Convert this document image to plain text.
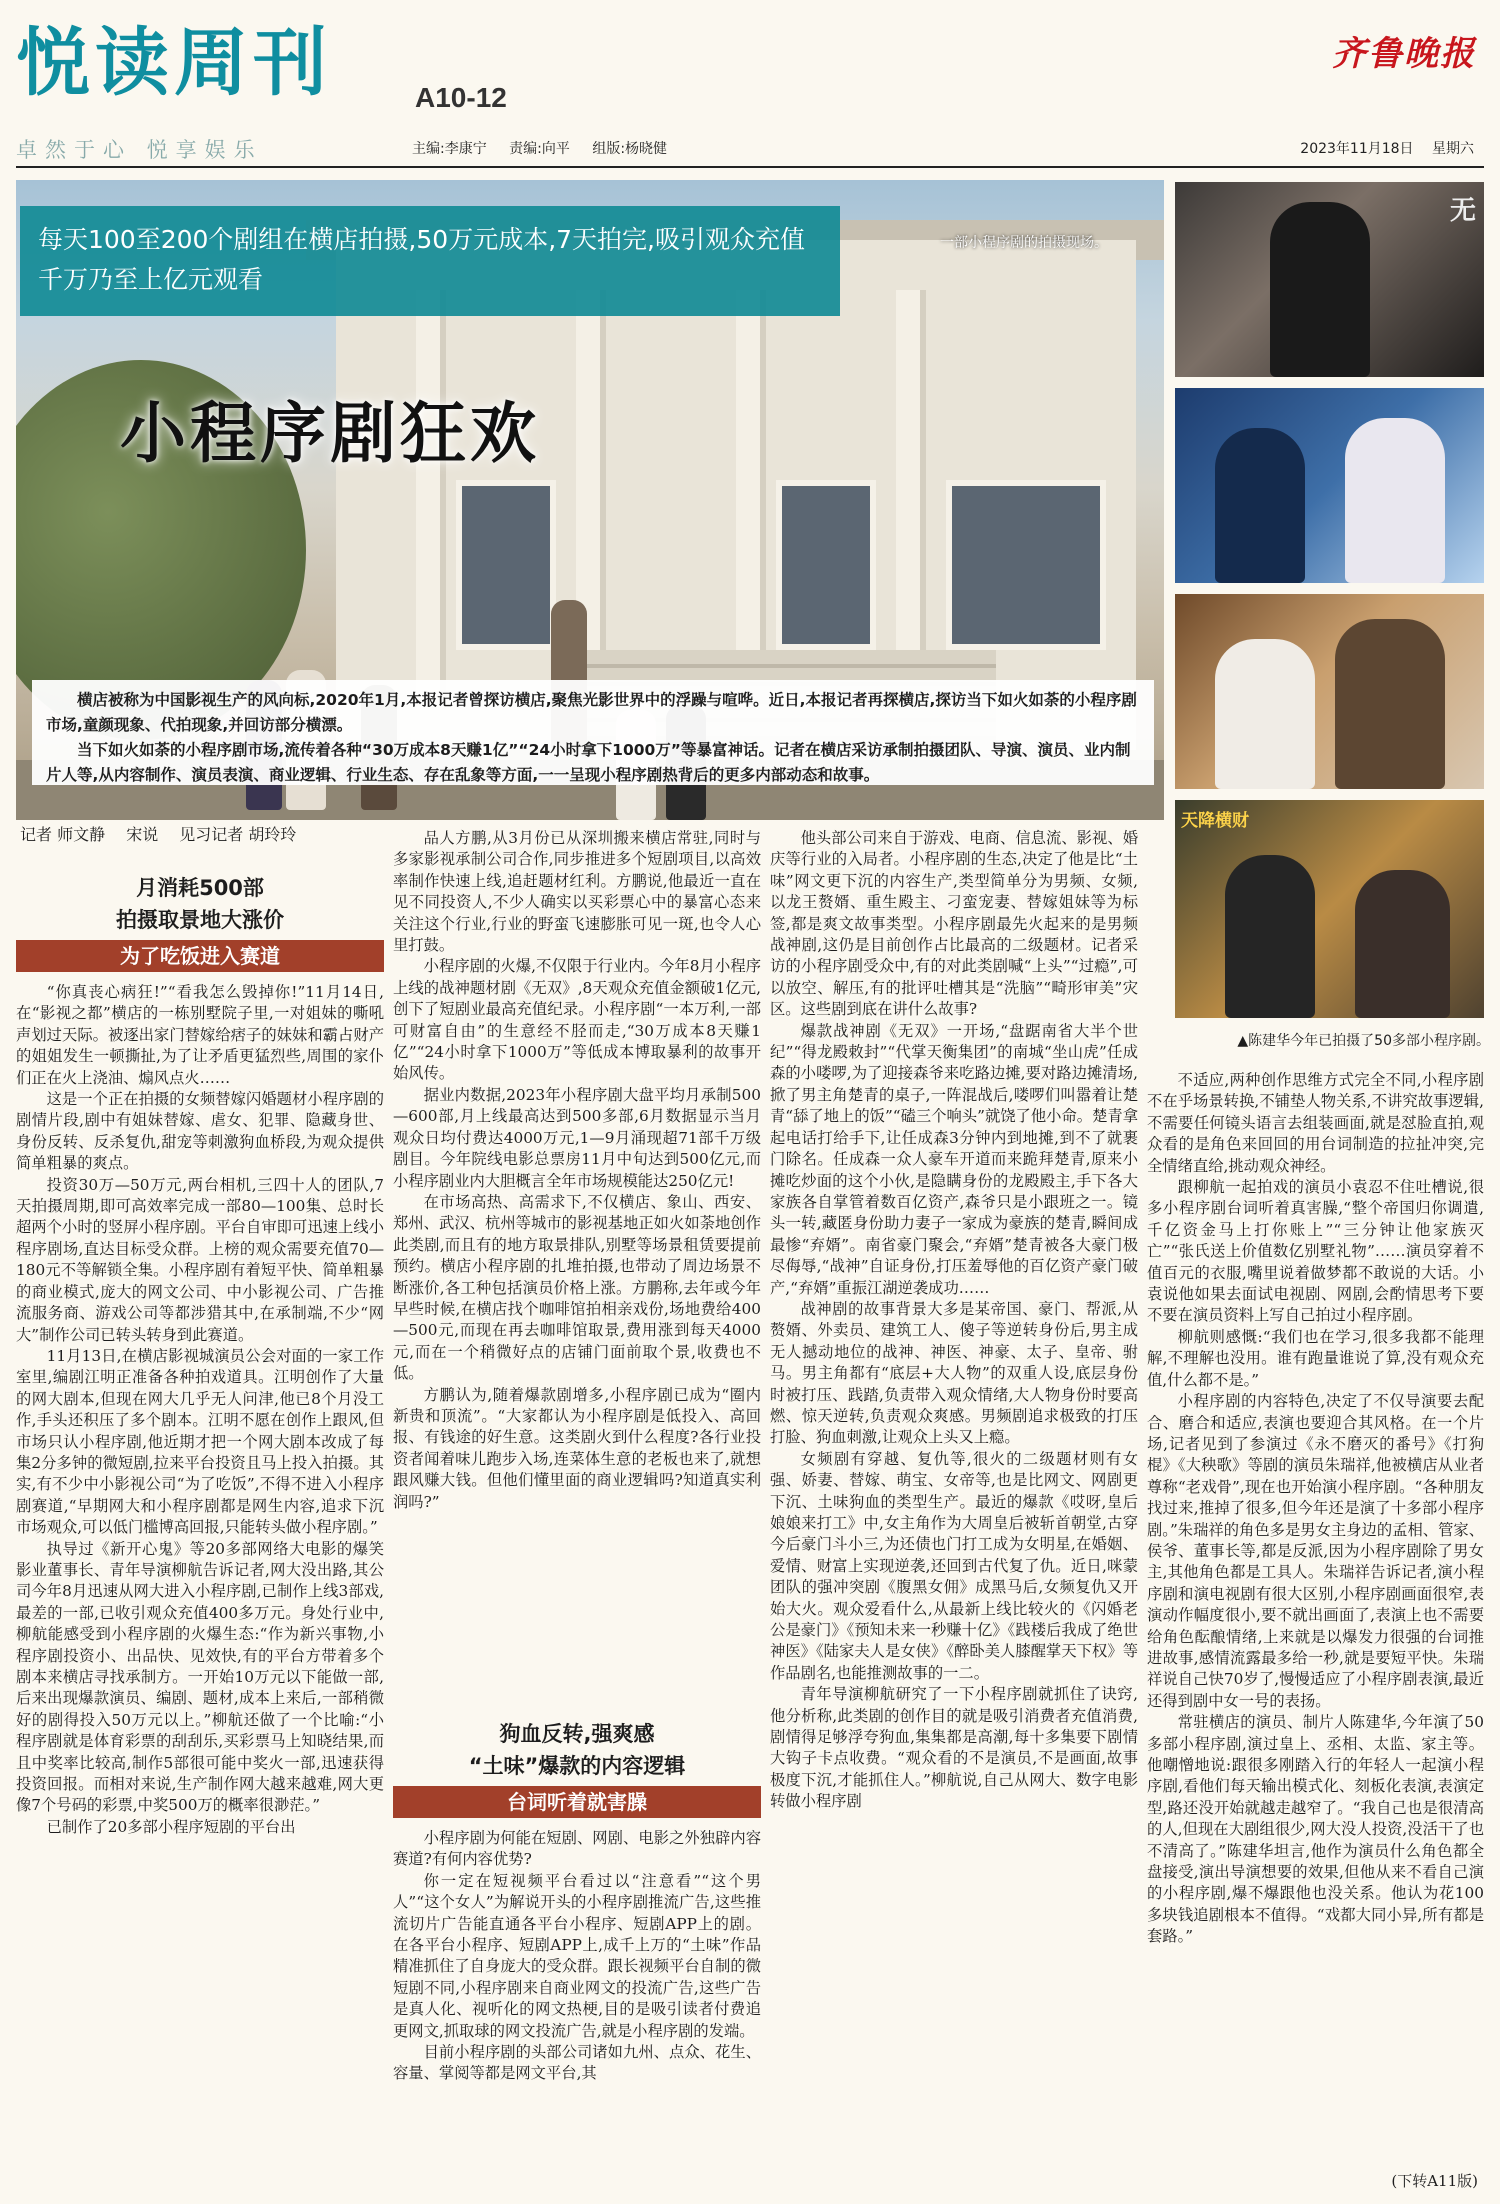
悦读周刊	A10-12
齐鲁晚报
卓然于心 悦享娱乐	主编:李康宁 责编:向平 组版:杨晓健	2023年11月18日 星期六
每天100至200个剧组在横店拍摄,50万元成本,7天拍完,吸引观众充值千万乃至上亿元观看
小程序剧狂欢
一部小程序剧的拍摄现场。

横店被称为中国影视生产的风向标,2020年1月,本报记者曾探访横店,聚焦光影世界中的浮躁与喧哗。近日,本报记者再探横店,探访当下如火如荼的小程序剧市场,童颜现象、代拍现象,并回访部分横漂。

当下如火如荼的小程序剧市场,流传着各种“30万成本8天赚1亿”“24小时拿下1000万”等暴富神话。记者在横店采访承制拍摄团队、导演、演员、业内制片人等,从内容制作、演员表演、商业逻辑、行业生态、存在乱象等方面,一一呈现小程序剧热背后的更多内部动态和故事。

无
天降横财
▲陈建华今年已拍摄了50多部小程序剧。
记者 师文静 宋说 见习记者 胡玲玲
月消耗500部
拍摄取景地大涨价
为了吃饭进入赛道

“你真丧心病狂!”“看我怎么毁掉你!”11月14日,在“影视之都”横店的一栋别墅院子里,一对姐妹的嘶吼声划过天际。被逐出家门替嫁给痞子的妹妹和霸占财产的姐姐发生一顿撕扯,为了让矛盾更猛烈些,周围的家仆们正在火上浇油、煽风点火……

这是一个正在拍摄的女频替嫁闪婚题材小程序剧的剧情片段,剧中有姐妹替嫁、虐女、犯罪、隐藏身世、身份反转、反杀复仇,甜宠等刺激狗血桥段,为观众提供简单粗暴的爽点。

投资30万—50万元,两台相机,三四十人的团队,7天拍摄周期,即可高效率完成一部80—100集、总时长超两个小时的竖屏小程序剧。平台自审即可迅速上线小程序剧场,直达目标受众群。上榜的观众需要充值70—180元不等解锁全集。小程序剧有着短平快、简单粗暴的商业模式,庞大的网文公司、中小影视公司、广告推流服务商、游戏公司等都涉猎其中,在承制端,不少“网大”制作公司已转头转身到此赛道。

11月13日,在横店影视城演员公会对面的一家工作室里,编剧江明正准备各种拍戏道具。江明创作了大量的网大剧本,但现在网大几乎无人问津,他已8个月没工作,手头还积压了多个剧本。江明不愿在创作上跟风,但市场只认小程序剧,他近期才把一个网大剧本改成了每集2分多钟的微短剧,拉来平台投资且马上投入拍摄。其实,有不少中小影视公司“为了吃饭”,不得不进入小程序剧赛道,“早期网大和小程序剧都是网生内容,追求下沉市场观众,可以低门槛博高回报,只能转头做小程序剧。”

执导过《新开心鬼》等20多部网络大电影的爆笑影业董事长、青年导演柳航告诉记者,网大没出路,其公司今年8月迅速从网大进入小程序剧,已制作上线3部戏,最差的一部,已收引观众充值400多万元。身处行业中,柳航能感受到小程序剧的火爆生态:“作为新兴事物,小程序剧投资小、出品快、见效快,有的平台方带着多个剧本来横店寻找承制方。一开始10万元以下能做一部,后来出现爆款演员、编剧、题材,成本上来后,一部稍微好的剧得投入50万元以上。”柳航还做了一个比喻:“小程序剧就是体育彩票的刮刮乐,买彩票马上知晓结果,而且中奖率比较高,制作5部很可能中奖火一部,迅速获得投资回报。而相对来说,生产制作网大越来越难,网大更像7个号码的彩票,中奖500万的概率很渺茫。”

已制作了20多部小程序短剧的平台出

品人方鹏,从3月份已从深圳搬来横店常驻,同时与多家影视承制公司合作,同步推进多个短剧项目,以高效率制作快速上线,追赶题材红利。方鹏说,他最近一直在见不同投资人,不少人确实以买彩票心中的暴富心态来关注这个行业,行业的野蛮飞速膨胀可见一斑,也令人心里打鼓。

小程序剧的火爆,不仅限于行业内。今年8月小程序上线的战神题材剧《无双》,8天观众充值金额破1亿元,创下了短剧业最高充值纪录。小程序剧“一本万利,一部可财富自由”的生意经不胫而走,“30万成本8天赚1亿”“24小时拿下1000万”等低成本博取暴利的故事开始风传。

据业内数据,2023年小程序剧大盘平均月承制500—600部,月上线最高达到500多部,6月数据显示当月观众日均付费达4000万元,1—9月涌现超71部千万级剧目。今年院线电影总票房11月中旬达到500亿元,而小程序剧业内大胆概言全年市场规模能达250亿元!

在市场高热、高需求下,不仅横店、象山、西安、郑州、武汉、杭州等城市的影视基地正如火如荼地创作此类剧,而且有的地方取景排队,别墅等场景租赁要提前预约。横店小程序剧的扎堆拍摄,也带动了周边场景不断涨价,各工种包括演员价格上涨。方鹏称,去年或今年早些时候,在横店找个咖啡馆拍相亲戏份,场地费给400—500元,而现在再去咖啡馆取景,费用涨到每天4000元,而在一个稍微好点的店铺门面前取个景,收费也不低。

方鹏认为,随着爆款剧增多,小程序剧已成为“圈内新贵和顶流”。“大家都认为小程序剧是低投入、高回报、有钱途的好生意。这类剧火到什么程度?各行业投资者闻着味儿跑步入场,连菜体生意的老板也来了,就想跟风赚大钱。但他们懂里面的商业逻辑吗?知道真实利润吗?”

狗血反转,强爽感
“土味”爆款的内容逻辑
台词听着就害臊

小程序剧为何能在短剧、网剧、电影之外独辟内容赛道?有何内容优势?

你一定在短视频平台看过以“注意看”“这个男人”“这个女人”为解说开头的小程序剧推流广告,这些推流切片广告能直通各平台小程序、短剧APP上的剧。在各平台小程序、短剧APP上,成千上万的“土味”作品精准抓住了自身庞大的受众群。跟长视频平台自制的微短剧不同,小程序剧来自商业网文的投流广告,这些广告是真人化、视听化的网文热梗,目的是吸引读者付费追更网文,抓取球的网文投流广告,就是小程序剧的发端。

目前小程序剧的头部公司诸如九州、点众、花生、容量、掌阅等都是网文平台,其

他头部公司来自于游戏、电商、信息流、影视、婚庆等行业的入局者。小程序剧的生态,决定了他是比“土味”网文更下沉的内容生产,类型简单分为男频、女频,以龙王赘婿、重生殿主、刁蛮宠妻、替嫁姐妹等为标签,都是爽文故事类型。小程序剧最先火起来的是男频战神剧,这仍是目前创作占比最高的二级题材。记者采访的小程序剧受众中,有的对此类剧喊“上头”“过瘾”,可以放空、解压,有的批评吐槽其是“洗脑”“畸形审美”灾区。这些剧到底在讲什么故事?

爆款战神剧《无双》一开场,“盘踞南省大半个世纪”“得龙殿敕封”“代掌天衡集团”的南城“坐山虎”任成森的小喽啰,为了迎接森爷来吃路边摊,要对路边摊清场,掀了男主角楚青的桌子,一阵混战后,喽啰们叫嚣着让楚青“舔了地上的饭”“磕三个响头”就饶了他小命。楚青拿起电话打给手下,让任成森3分钟内到地摊,到不了就裹门除名。任成森一众人豪车开道而来跪拜楚青,原来小摊吃炒面的这个小伙,是隐瞒身份的龙殿殿主,手下各大家族各自掌管着数百亿资产,森爷只是小跟班之一。镜头一转,藏匿身份助力妻子一家成为豪族的楚青,瞬间成最惨“弃婿”。南省豪门聚会,“弃婿”楚青被各大豪门极尽侮辱,“战神”自证身份,打压羞辱他的百亿资产豪门破产,“弃婿”重振江湖逆袭成功……

战神剧的故事背景大多是某帝国、豪门、帮派,从赘婿、外卖员、建筑工人、傻子等逆转身份后,男主成无人撼动地位的战神、神医、神豪、太子、皇帝、驸马。男主角都有“底层+大人物”的双重人设,底层身份时被打压、践踏,负责带入观众情绪,大人物身份时要高燃、惊天逆转,负责观众爽感。男频剧追求极致的打压打脸、狗血刺激,让观众上头又上瘾。

女频剧有穿越、复仇等,很火的二级题材则有女强、娇妻、替嫁、萌宝、女帝等,也是比网文、网剧更下沉、土味狗血的类型生产。最近的爆款《哎呀,皇后娘娘来打工》中,女主角作为大周皇后被斩首朝堂,古穿今后豪门斗小三,为还债也门打工成为女明星,在婚姻、爱情、财富上实现逆袭,还回到古代复了仇。近日,咪蒙团队的强冲突剧《腹黑女佣》成黑马后,女频复仇又开始大火。观众爱看什么,从最新上线比较火的《闪婚老公是豪门》《预知未来一秒赚十亿》《践楼后我成了绝世神医》《陆家夫人是女侠》《醉卧美人膝醒掌天下权》等作品剧名,也能推测故事的一二。

青年导演柳航研究了一下小程序剧就抓住了诀窍,他分析称,此类剧的创作目的就是吸引消费者充值消费,剧情得足够浮夸狗血,集集都是高潮,每十多集要下剧情大钩子卡点收费。“观众看的不是演员,不是画面,故事极度下沉,才能抓住人。”柳航说,自己从网大、数字电影转做小程序剧

不适应,两种创作思维方式完全不同,小程序剧不在乎场景转换,不铺垫人物关系,不讲究故事逻辑,不需要任何镜头语言去组装画面,就是怼脸直拍,观众看的是角色来回回的用台词制造的拉扯冲突,完全情绪直给,挑动观众神经。

跟柳航一起拍戏的演员小袁忍不住吐槽说,很多小程序剧台词听着真害臊,“整个帝国归你调遣,千亿资金马上打你账上”“三分钟让他家族灭亡”“张氏送上价值数亿别墅礼物”……演员穿着不值百元的衣服,嘴里说着做梦都不敢说的大话。小袁说他如果去面试电视剧、网剧,会酌情思考下要不要在演员资料上写自己拍过小程序剧。

柳航则感慨:“我们也在学习,很多我都不能理解,不理解也没用。谁有跑量谁说了算,没有观众充值,什么都不是。”

小程序剧的内容特色,决定了不仅导演要去配合、磨合和适应,表演也要迎合其风格。在一个片场,记者见到了参演过《永不磨灭的番号》《打狗棍》《大秧歌》等剧的演员朱瑞祥,他被横店从业者尊称“老戏骨”,现在也开始演小程序剧。“各种朋友找过来,推掉了很多,但今年还是演了十多部小程序剧。”朱瑞祥的角色多是男女主身边的孟相、管家、侯爷、董事长等,都是反派,因为小程序剧除了男女主,其他角色都是工具人。朱瑞祥告诉记者,演小程序剧和演电视剧有很大区别,小程序剧画面很窄,表演动作幅度很小,要不就出画面了,表演上也不需要给角色酝酿情绪,上来就是以爆发力很强的台词推进故事,感情流露最多给一秒,就是要短平快。朱瑞祥说自己快70岁了,慢慢适应了小程序剧表演,最近还得到剧中女一号的表扬。

常驻横店的演员、制片人陈建华,今年演了50多部小程序剧,演过皇上、丞相、太监、家主等。他嘲憎地说:跟很多刚踏入行的年轻人一起演小程序剧,看他们每天输出模式化、刻板化表演,表演定型,路还没开始就越走越窄了。“我自己也是很清高的人,但现在大剧组很少,网大没人投资,没活干了也不清高了。”陈建华坦言,他作为演员什么角色都全盘接受,演出导演想要的效果,但他从来不看自己演的小程序剧,爆不爆跟他也没关系。他认为花100多块钱追剧根本不值得。“戏都大同小异,所有都是套路。”

(下转A11版)
